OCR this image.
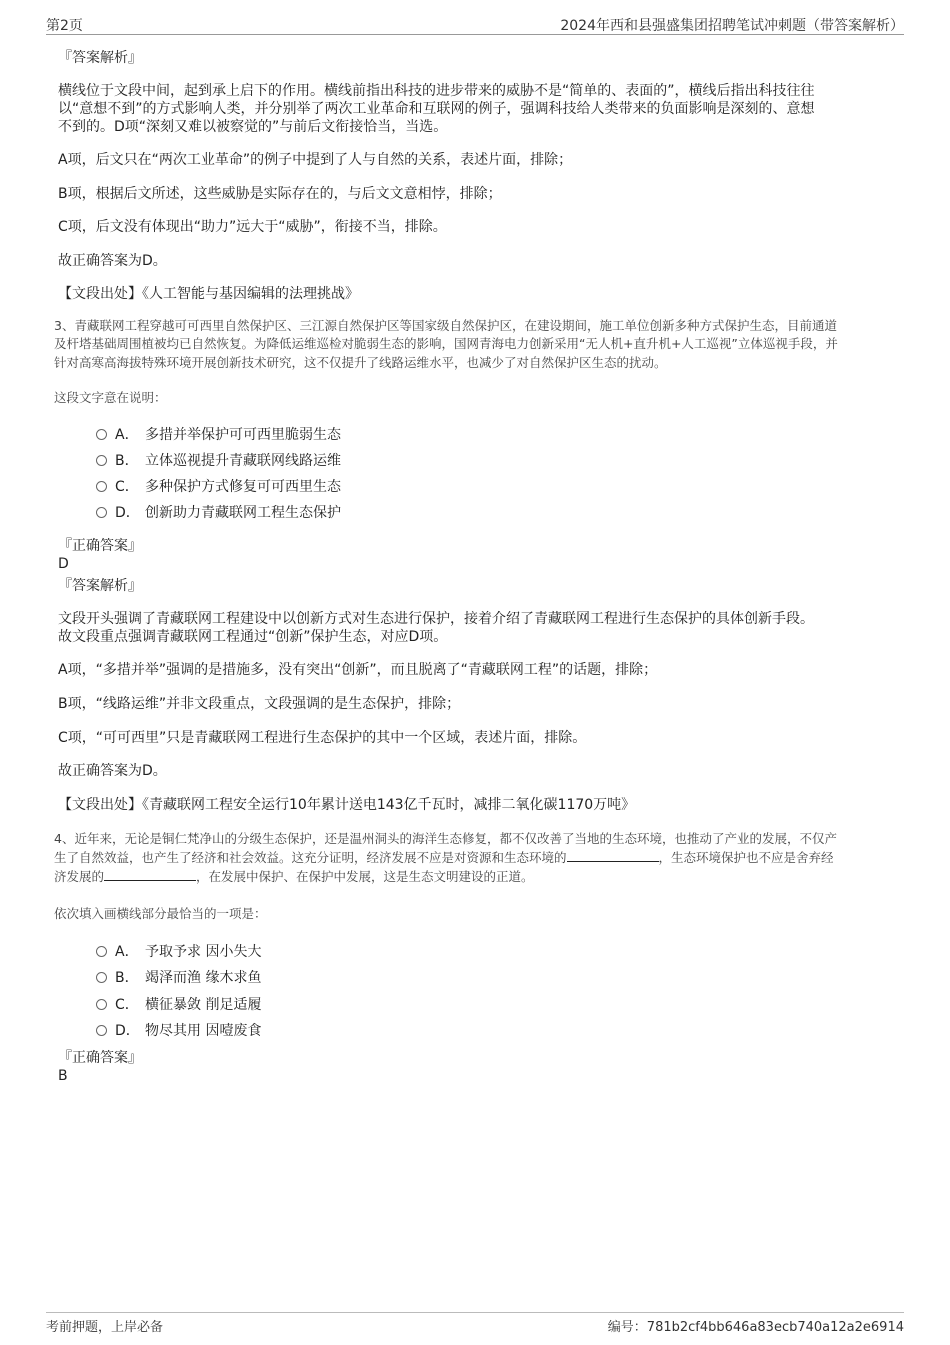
第2页	2024年西和县强盛集团招聘笔试冲刺题（带答案解析）
『答案解析』
横线位于文段中间，起到承上启下的作用。横线前指出科技的进步带来的威胁不是“简单的、表面的”，横线后指出科技往往
以“意想不到”的方式影响人类，并分别举了两次工业革命和互联网的例子，强调科技给人类带来的负面影响是深刻的、意想
不到的。D项“深刻又难以被察觉的”与前后文衔接恰当，当选。
A项，后文只在“两次工业革命”的例子中提到了人与自然的关系，表述片面，排除；
B项，根据后文所述，这些威胁是实际存在的，与后文文意相悖，排除；
C项，后文没有体现出“助力”远大于“威胁”，衔接不当，排除。
故正确答案为D。
【文段出处】《人工智能与基因编辑的法理挑战》
3、青藏联网工程穿越可可西里自然保护区、三江源自然保护区等国家级自然保护区，在建设期间，施工单位创新多种方式保护生态，目前通道
及杆塔基础周围植被均已自然恢复。为降低运维巡检对脆弱生态的影响，国网青海电力创新采用“无人机+直升机+人工巡视”立体巡视手段，并
针对高寒高海拔特殊环境开展创新技术研究，这不仅提升了线路运维水平，也减少了对自然保护区生态的扰动。
这段文字意在说明：
A． 多措并举保护可可西里脆弱生态
B． 立体巡视提升青藏联网线路运维
C． 多种保护方式修复可可西里生态
D． 创新助力青藏联网工程生态保护
『正确答案』
D
『答案解析』
文段开头强调了青藏联网工程建设中以创新方式对生态进行保护，接着介绍了青藏联网工程进行生态保护的具体创新手段。
故文段重点强调青藏联网工程通过“创新”保护生态，对应D项。
A项，“多措并举”强调的是措施多，没有突出“创新”，而且脱离了“青藏联网工程”的话题，排除；
B项，“线路运维”并非文段重点，文段强调的是生态保护，排除；
C项，“可可西里”只是青藏联网工程进行生态保护的其中一个区域，表述片面，排除。
故正确答案为D。
【文段出处】《青藏联网工程安全运行10年累计送电143亿千瓦时，减排二氧化碳1170万吨》
4、近年来，无论是铜仁梵净山的分级生态保护，还是温州洞头的海洋生态修复，都不仅改善了当地的生态环境，也推动了产业的发展，不仅产
生了自然效益，也产生了经济和社会效益。这充分证明，经济发展不应是对资源和生态环境的	，生态环境保护也不应是舍弃经
济发展的	，在发展中保护、在保护中发展，这是生态文明建设的正道。
依次填入画横线部分最恰当的一项是：
A． 予取予求 因小失大
B． 竭泽而渔 缘木求鱼
C． 横征暴敛 削足适履
D． 物尽其用 因噎废食
『正确答案』
B
考前押题，上岸必备	编号：781b2cf4bb646a83ecb740a12a2e6914
